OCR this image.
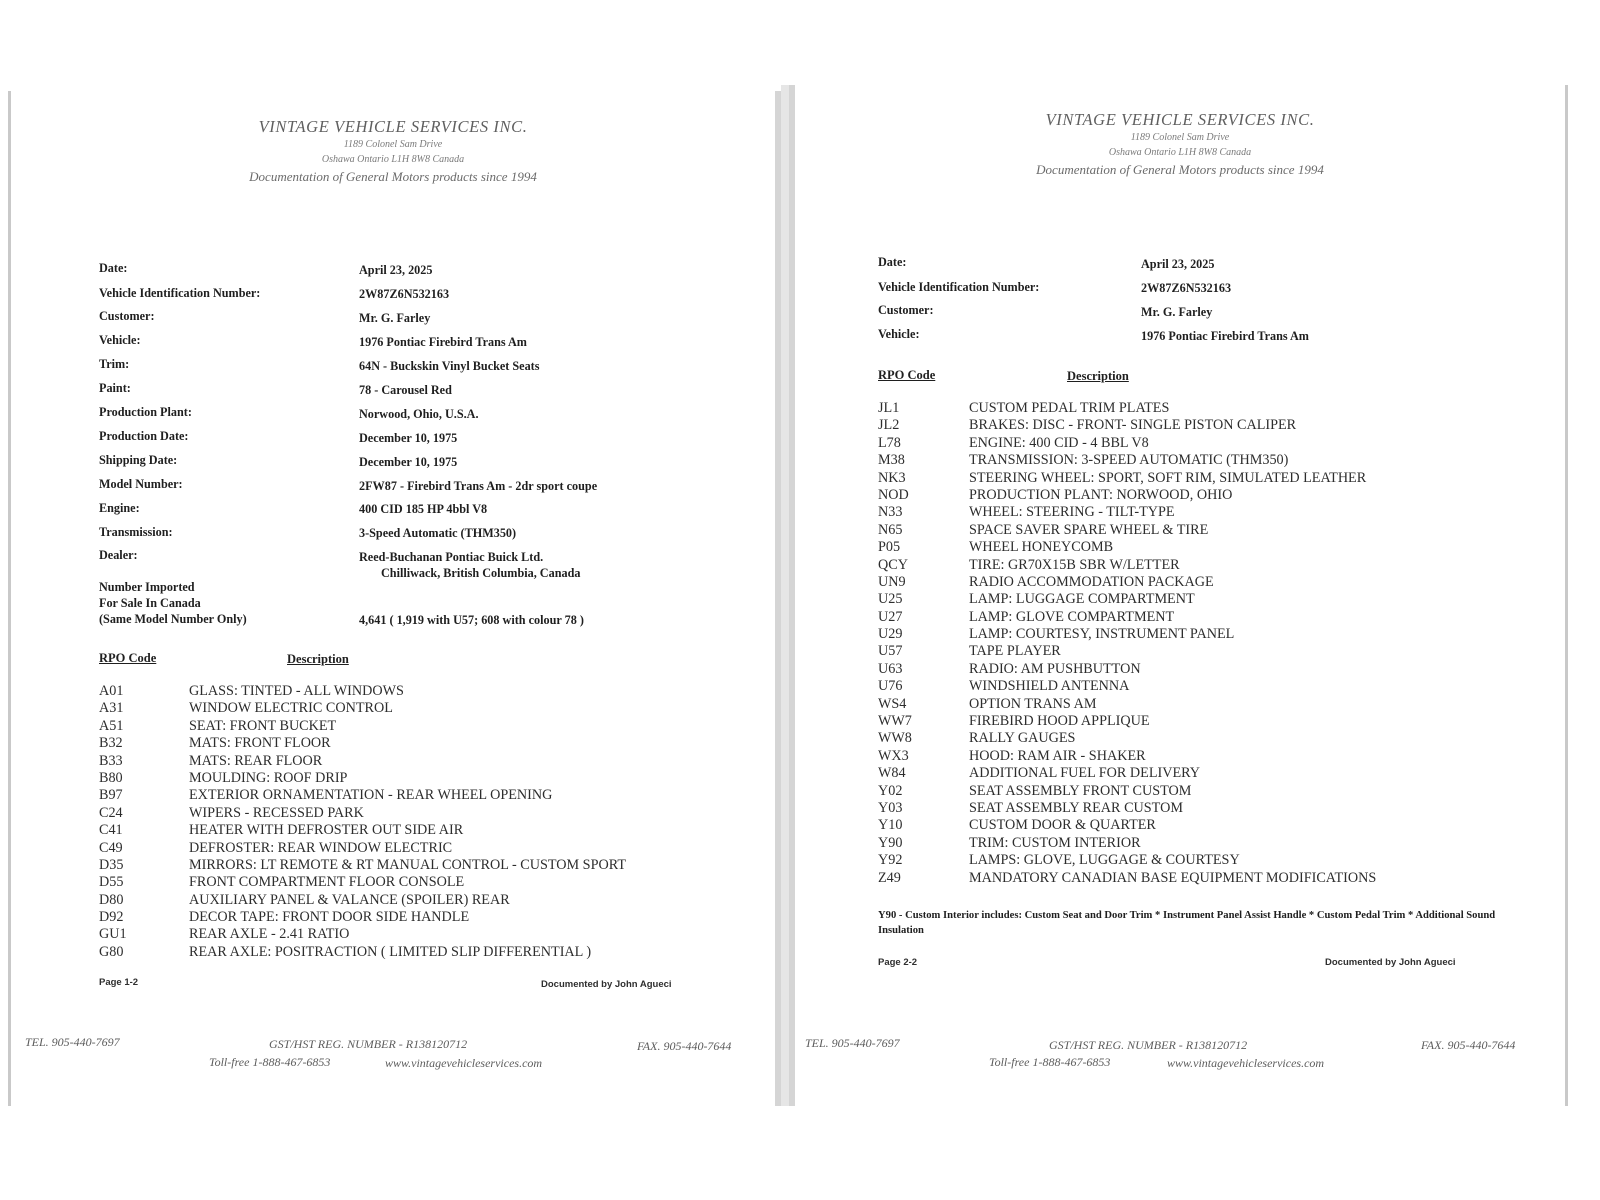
VINTAGE VEHICLE SERVICES INC.
1189 Colonel Sam Drive
Oshawa Ontario L1H 8W8 Canada
Documentation of General Motors products since 1994
Date:	April 23, 2025
Vehicle Identification Number:	2W87Z6N532163
Customer:	Mr. G. Farley
Vehicle:	1976 Pontiac Firebird Trans Am
Trim:	64N - Buckskin Vinyl Bucket Seats
Paint:	78 - Carousel Red
Production Plant:	Norwood, Ohio, U.S.A.
Production Date:	December 10, 1975
Shipping Date:	December 10, 1975
Model Number:	2FW87 - Firebird Trans Am - 2dr sport coupe
Engine:	400 CID 185 HP 4bbl V8
Transmission:	3-Speed Automatic (THM350)
Dealer:	Reed-Buchanan Pontiac Buick Ltd.
Chilliwack, British Columbia, Canada
Number Imported
For Sale In Canada
(Same Model Number Only)	4,641 ( 1,919 with U57; 608 with colour 78 )
RPO Code	Description
A01	GLASS: TINTED - ALL WINDOWS
A31	WINDOW ELECTRIC CONTROL
A51	SEAT: FRONT BUCKET
B32	MATS: FRONT FLOOR
B33	MATS: REAR FLOOR
B80	MOULDING: ROOF DRIP
B97	EXTERIOR ORNAMENTATION - REAR WHEEL OPENING
C24	WIPERS - RECESSED PARK
C41	HEATER WITH DEFROSTER OUT SIDE AIR
C49	DEFROSTER: REAR WINDOW ELECTRIC
D35	MIRRORS: LT REMOTE & RT MANUAL CONTROL - CUSTOM SPORT
D55	FRONT COMPARTMENT FLOOR CONSOLE
D80	AUXILIARY PANEL & VALANCE (SPOILER) REAR
D92	DECOR TAPE: FRONT DOOR SIDE HANDLE
GU1	REAR AXLE - 2.41 RATIO
G80	REAR AXLE: POSITRACTION ( LIMITED SLIP DIFFERENTIAL )
Page 1-2	Documented by John Agueci
TEL. 905-440-7697	GST/HST REG. NUMBER - R138120712	FAX. 905-440-7644
Toll-free 1-888-467-6853	www.vintagevehicleservices.com
VINTAGE VEHICLE SERVICES INC.
1189 Colonel Sam Drive
Oshawa Ontario L1H 8W8 Canada
Documentation of General Motors products since 1994
Date:	April 23, 2025
Vehicle Identification Number:	2W87Z6N532163
Customer:	Mr. G. Farley
Vehicle:	1976 Pontiac Firebird Trans Am
RPO Code	Description
JL1	CUSTOM PEDAL TRIM PLATES
JL2	BRAKES: DISC - FRONT- SINGLE PISTON CALIPER
L78	ENGINE: 400 CID - 4 BBL V8
M38	TRANSMISSION: 3-SPEED AUTOMATIC (THM350)
NK3	STEERING WHEEL: SPORT, SOFT RIM, SIMULATED LEATHER
NOD	PRODUCTION PLANT: NORWOOD, OHIO
N33	WHEEL: STEERING - TILT-TYPE
N65	SPACE SAVER SPARE WHEEL & TIRE
P05	WHEEL HONEYCOMB
QCY	TIRE: GR70X15B SBR W/LETTER
UN9	RADIO ACCOMMODATION PACKAGE
U25	LAMP: LUGGAGE COMPARTMENT
U27	LAMP: GLOVE COMPARTMENT
U29	LAMP: COURTESY, INSTRUMENT PANEL
U57	TAPE PLAYER
U63	RADIO: AM PUSHBUTTON
U76	WINDSHIELD ANTENNA
WS4	OPTION TRANS AM
WW7	FIREBIRD HOOD APPLIQUE
WW8	RALLY GAUGES
WX3	HOOD: RAM AIR - SHAKER
W84	ADDITIONAL FUEL FOR DELIVERY
Y02	SEAT ASSEMBLY FRONT CUSTOM
Y03	SEAT ASSEMBLY REAR CUSTOM
Y10	CUSTOM DOOR & QUARTER
Y90	TRIM: CUSTOM INTERIOR
Y92	LAMPS: GLOVE, LUGGAGE & COURTESY
Z49	MANDATORY CANADIAN BASE EQUIPMENT MODIFICATIONS
Y90 - Custom Interior includes: Custom Seat and Door Trim * Instrument Panel Assist Handle * Custom Pedal Trim * Additional Sound Insulation
Page 2-2	Documented by John Agueci
TEL. 905-440-7697	GST/HST REG. NUMBER - R138120712	FAX. 905-440-7644
Toll-free 1-888-467-6853	www.vintagevehicleservices.com
